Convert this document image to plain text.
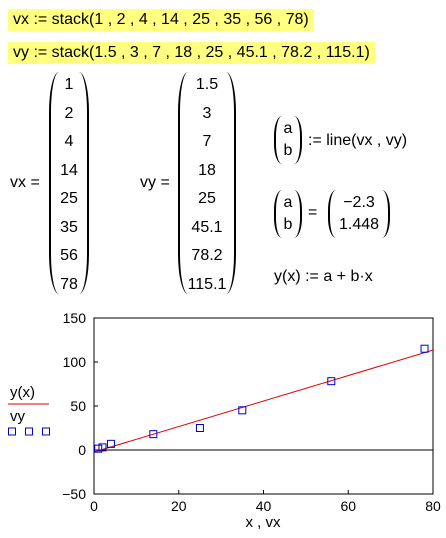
vx := stack(1 , 2 , 4 , 14 , 25 , 35 , 56 , 78)
vy := stack(1.5 , 3 , 7 , 18 , 25 , 45.1 , 78.2 , 115.1)
vx =
1
2
4
14
25
35
56
78
vy =
1.5
3
7
18
25
45.1
78.2
115.1
a
b
:= line(vx , vy)
a
b
=
−2.3
1.448
y(x) := a + b·x
−50
0
50
100
150
0	20	40	60	80
x , vx
y(x)
vy
